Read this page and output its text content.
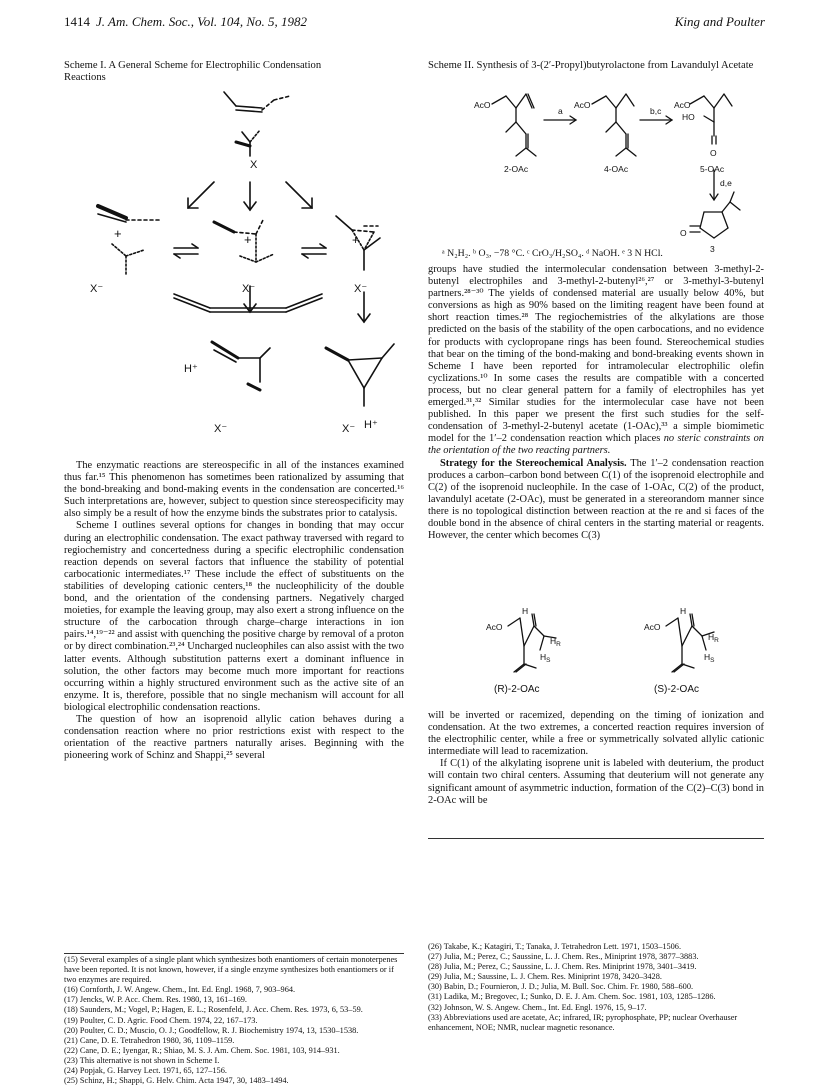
1414 J. Am. Chem. Soc., Vol. 104, No. 5, 1982	King and Poulter
Scheme I. A General Scheme for Electrophilic Condensation Reactions
X
+	+	+
X⁻	X⁻	X⁻
H⁺
X⁻	X⁻ H⁺

The enzymatic reactions are stereospecific in all of the instances examined thus far.¹⁵ This phenomenon has sometimes been rationalized by assuming that the bond-breaking and bond-making events in the condensation are concerted.¹⁶ Such interpretations are, however, subject to question since stereospecificity may also simply be a result of how the enzyme binds the substrates prior to catalysis.

Scheme I outlines several options for changes in bonding that may occur during an electrophilic condensation. The exact pathway traversed with regard to regiochemistry and concertedness during a specific electrophilic condensation reaction depends on several factors that influence the stability of potential carbocationic intermediates.¹⁷ These include the effect of substituents on the stabilities of developing cationic centers,¹⁸ the nucleophilicity of the double bond, and the orientation of the condensing partners. Negatively charged moieties, for example the leaving group, may also exert a strong influence on the structure of the carbocation through charge–charge interactions in ion pairs.¹⁴,¹⁹⁻²² and assist with quenching the positive charge by removal of a proton or by direct combination.²³,²⁴ Uncharged nucleophiles can also assist with the two latter events. Although substitution patterns exert a dominant influence in solution, the other factors may become much more important for reactions occurring within a highly structured environment such as the active site of an enzyme. It is, therefore, possible that no single mechanism will account for all biological electrophilic condensation reactions.

The question of how an isoprenoid allylic cation behaves during a condensation reaction where no prior restrictions exist with respect to the orientation of the reactive partners naturally arises. Beginning with the pioneering work of Schinz and Shappi,²⁵ several

(15) Several examples of a single plant which synthesizes both enantiomers of certain monoterpenes have been reported. It is not known, however, if a single enzyme synthesizes both enantiomers or if two enzymes are required.
(16) Cornforth, J. W. Angew. Chem., Int. Ed. Engl. 1968, 7, 903–964.
(17) Jencks, W. P. Acc. Chem. Res. 1980, 13, 161–169.
(18) Saunders, M.; Vogel, P.; Hagen, E. L.; Rosenfeld, J. Acc. Chem. Res. 1973, 6, 53–59.
(19) Poulter, C. D. Agric. Food Chem. 1974, 22, 167–173.
(20) Poulter, C. D.; Muscio, O. J.; Goodfellow, R. J. Biochemistry 1974, 13, 1530–1538.
(21) Cane, D. E. Tetrahedron 1980, 36, 1109–1159.
(22) Cane, D. E.; Iyengar, R.; Shiao, M. S. J. Am. Chem. Soc. 1981, 103, 914–931.
(23) This alternative is not shown in Scheme I.
(24) Popjak, G. Harvey Lect. 1971, 65, 127–156.
(25) Schinz, H.; Shappi, G. Helv. Chim. Acta 1947, 30, 1483–1494.
Scheme II. Synthesis of 3-(2′-Propyl)butyrolactone from Lavandulyl Acetate
AcO
a
AcO
b,c
AcO
HO
O
2-OAc	4-OAc	5-OAc
d,e
O
3
ᵃ N₂H₂. ᵇ O₃, −78 °C. ᶜ CrO₃/H₂SO₄. ᵈ NaOH. ᵉ 3 N HCl.

groups have studied the intermolecular condensation between 3-methyl-2-butenyl electrophiles and 3-methyl-2-butenyl²⁶,²⁷ or 3-methyl-3-butenyl partners.²⁸⁻³⁰ The yields of condensed material are usually below 40%, but conversions as high as 90% based on the limiting reagent have been found at short reaction times.²⁸ The regiochemistries of the alkylations are those predicted on the basis of the stability of the open carbocations, and no evidence for products with cyclopropane rings has been found. Stereochemical studies that bear on the timing of the bond-making and bond-breaking events shown in Scheme I have been reported for intramolecular electrophilic olefin cyclizations.¹⁰ In some cases the results are compatible with a concerted process, but no clear general pattern for a family of electrophiles has yet emerged.³¹,³² Similar studies for the intermolecular case have not been published. In this paper we present the first such studies for the self-condensation of 3-methyl-2-butenyl acetate (1-OAc),³³ a simple biomimetic model for the 1′–2 condensation reaction which places no steric constraints on the orientation of the two reacting partners.

Strategy for the Stereochemical Analysis. The 1′–2 condensation reaction produces a carbon–carbon bond between C(1) of the isoprenoid electrophile and C(2) of the isoprenoid nucleophile. In the case of 1-OAc, C(2) of the product, lavandulyl acetate (2-OAc), must be generated in a stereorandom manner since there is no topological distinction between reaction at the re and si faces of the double bond in the absence of chiral centers in the starting material or reagents. However, the center which becomes C(3)

H
AcO
$H_R$
$H_S$
H
AcO
$H_R$
$H_S$
(R)-2-OAc	(S)-2-OAc

will be inverted or racemized, depending on the timing of ionization and condensation. At the two extremes, a concerted reaction requires inversion of the electrophilic center, while a free or symmetrically solvated allylic cationic intermediate will lead to racemization.

If C(1) of the alkylating isoprene unit is labeled with deuterium, the product will contain two chiral centers. Assuming that deuterium will not generate any significant amount of asymmetric induction, formation of the C(2)–C(3) bond in 2-OAc will be

(26) Takabe, K.; Katagiri, T.; Tanaka, J. Tetrahedron Lett. 1971, 1503–1506.
(27) Julia, M.; Perez, C.; Saussine, L. J. Chem. Res., Miniprint 1978, 3877–3883.
(28) Julia, M.; Perez, C.; Saussine, L. J. Chem. Res. Miniprint 1978, 3401–3419.
(29) Julia, M.; Saussine, L. J. Chem. Res. Miniprint 1978, 3420–3428.
(30) Babin, D.; Fournieron, J. D.; Julia, M. Bull. Soc. Chim. Fr. 1980, 588–600.
(31) Ladika, M.; Bregovec, I.; Sunko, D. E. J. Am. Chem. Soc. 1981, 103, 1285–1286.
(32) Johnson, W. S. Angew. Chem., Int. Ed. Engl. 1976, 15, 9–17.
(33) Abbreviations used are acetate, Ac; infrared, IR; pyrophosphate, PP; nuclear Overhauser enhancement, NOE; NMR, nuclear magnetic resonance.
